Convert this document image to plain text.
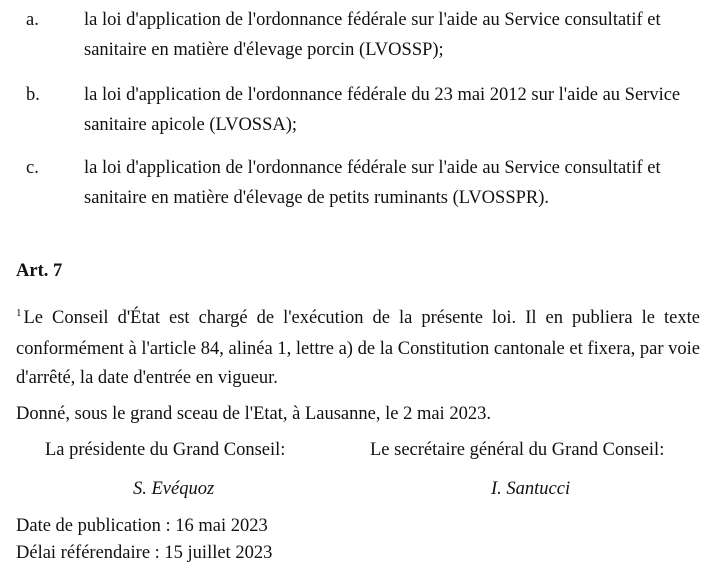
a. la loi d'application de l'ordonnance fédérale sur l'aide au Service consultatif et sanitaire en matière d'élevage porcin (LVOSSP);
b. la loi d'application de l'ordonnance fédérale du 23 mai 2012 sur l'aide au Service sanitaire apicole (LVOSSA);
c. la loi d'application de l'ordonnance fédérale sur l'aide au Service consultatif et sanitaire en matière d'élevage de petits ruminants (LVOSSPR).
Art. 7
$^1$ Le Conseil d'État est chargé de l'exécution de la présente loi. Il en publiera le texte conformément à l'article 84, alinéa 1, lettre a) de la Constitution cantonale et fixera, par voie d'arrêté, la date d'entrée en vigueur.
Donné, sous le grand sceau de l'Etat, à Lausanne, le 2 mai 2023.
La présidente du Grand Conseil:	Le secrétaire général du Grand Conseil:
S. Evéquoz	I. Santucci
Date de publication : 16 mai 2023
Délai référendaire : 15 juillet 2023
